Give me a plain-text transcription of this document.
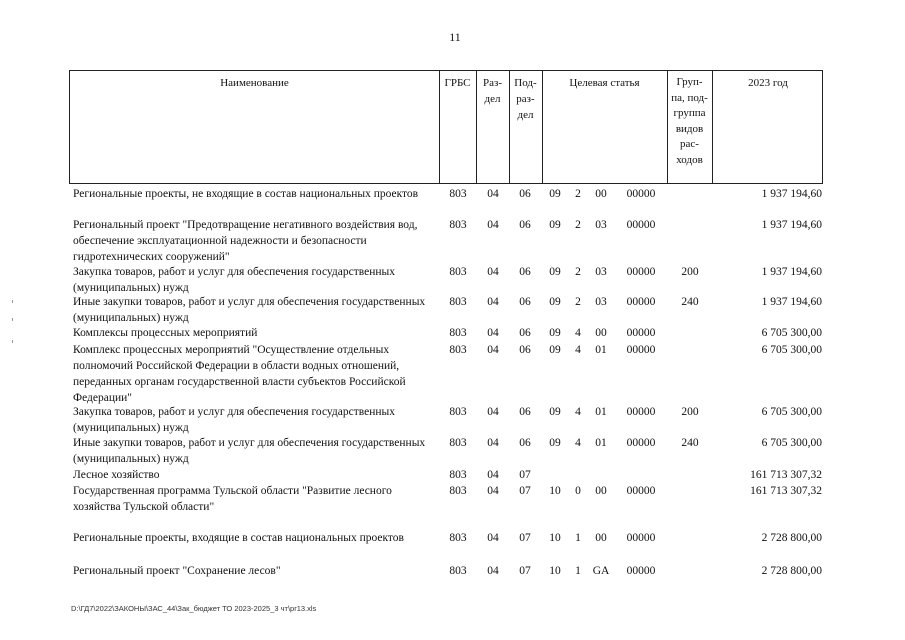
11
Наименование	ГРБС	Раз-
дел
Под-
раз-
дел
Целевая статья	Груп-
па, под-
группа
видов
рас-
ходов
2023 год
Региональные проекты, не входящие в состав национальных проектов	803	04	06	09	2	00	00000	1 937 194,60
Региональный проект "Предотвращение негативного воздействия вод, обеспечение эксплуатационной надежности и безопасности гидротехнических сооружений"
803	04	06	09	2	03	00000	1 937 194,60
Закупка товаров, работ и услуг для обеспечения государственных (муниципальных) нужд
803	04	06	09	2	03	00000	200	1 937 194,60
Иные закупки товаров, работ и услуг для обеспечения государственных (муниципальных) нужд
803	04	06	09	2	03	00000	240	1 937 194,60
Комплексы процессных мероприятий	803	04	06	09	4	00	00000	6 705 300,00
Комплекс процессных мероприятий "Осуществление отдельных полномочий Российской Федерации в области водных отношений, переданных органам государственной власти субъектов Российской Федерации"
803	04	06	09	4	01	00000	6 705 300,00
Закупка товаров, работ и услуг для обеспечения государственных (муниципальных) нужд
803	04	06	09	4	01	00000	200	6 705 300,00
Иные закупки товаров, работ и услуг для обеспечения государственных (муниципальных) нужд
803	04	06	09	4	01	00000	240	6 705 300,00
Лесное хозяйство	803	04	07	161 713 307,32
Государственная программа Тульской области "Развитие лесного хозяйства Тульской области"
803	04	07	10	0	00	00000	161 713 307,32
Региональные проекты, входящие в состав национальных проектов	803	04	07	10	1	00	00000	2 728 800,00
Региональный проект "Сохранение лесов"	803	04	07	10	1	GA	00000	2 728 800,00
D:\ГД7\2022\ЗАКОНЫ\ЗАС_44\Зак_бюджет ТО 2023-2025_3 чт\pr13.xls
